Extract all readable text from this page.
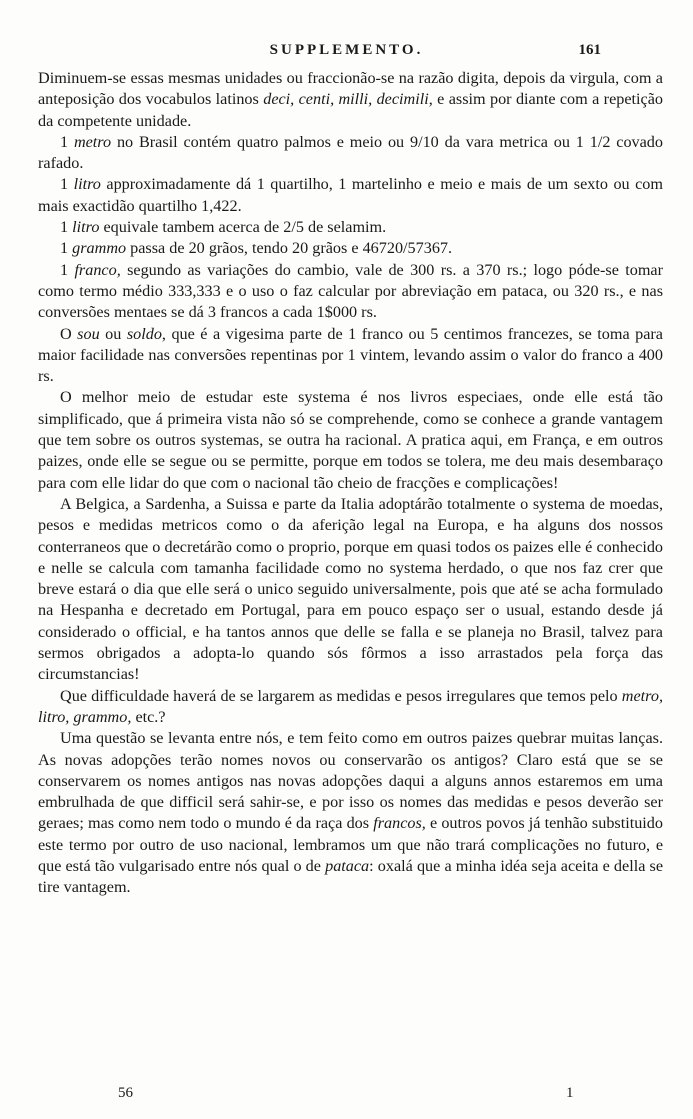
SUPPLEMENTO.	161

Diminuem-se essas mesmas unidades ou fraccionão-se na razão digita, depois da virgula, com a anteposição dos vocabulos latinos deci, centi, milli, decimili, e assim por diante com a repetição da competente unidade.

1 metro no Brasil contém quatro palmos e meio ou 9/10 da vara metrica ou 1 1/2 covado rafado.

1 litro approximadamente dá 1 quartilho, 1 martelinho e meio e mais de um sexto ou com mais exactidão quartilho 1,422.

1 litro equivale tambem acerca de 2/5 de selamim.

1 grammo passa de 20 grãos, tendo 20 grãos e 46720/57367.

1 franco, segundo as variações do cambio, vale de 300 rs. a 370 rs.; logo póde-se tomar como termo médio 333,333 e o uso o faz calcular por abreviação em pataca, ou 320 rs., e nas conversões mentaes se dá 3 francos a cada 1$000 rs.

O sou ou soldo, que é a vigesima parte de 1 franco ou 5 centimos francezes, se toma para maior facilidade nas conversões repentinas por 1 vintem, levando assim o valor do franco a 400 rs.

O melhor meio de estudar este systema é nos livros especiaes, onde elle está tão simplificado, que á primeira vista não só se comprehende, como se conhece a grande vantagem que tem sobre os outros systemas, se outra ha racional. A pratica aqui, em França, e em outros paizes, onde elle se segue ou se permitte, porque em todos se tolera, me deu mais desembaraço para com elle lidar do que com o nacional tão cheio de fracções e complicações!

A Belgica, a Sardenha, a Suissa e parte da Italia adoptárão totalmente o systema de moedas, pesos e medidas metricos como o da aferição legal na Europa, e ha alguns dos nossos conterraneos que o decretárão como o proprio, porque em quasi todos os paizes elle é conhecido e nelle se calcula com tamanha facilidade como no systema herdado, o que nos faz crer que breve estará o dia que elle será o unico seguido universalmente, pois que até se acha formulado na Hespanha e decretado em Portugal, para em pouco espaço ser o usual, estando desde já considerado o official, e ha tantos annos que delle se falla e se planeja no Brasil, talvez para sermos obrigados a adopta-lo quando sós fôrmos a isso arrastados pela força das circumstancias!

Que difficuldade haverá de se largarem as medidas e pesos irregulares que temos pelo metro, litro, grammo, etc.?

Uma questão se levanta entre nós, e tem feito como em outros paizes quebrar muitas lanças. As novas adopções terão nomes novos ou conservarão os antigos? Claro está que se se conservarem os nomes antigos nas novas adopções daqui a alguns annos estaremos em uma embrulhada de que difficil será sahir-se, e por isso os nomes das medidas e pesos deverão ser geraes; mas como nem todo o mundo é da raça dos francos, e outros povos já tenhão substituido este termo por outro de uso nacional, lembramos um que não trará complicações no futuro, e que está tão vulgarisado entre nós qual o de pataca: oxalá que a minha idéa seja aceita e della se tire vantagem.

56	1
